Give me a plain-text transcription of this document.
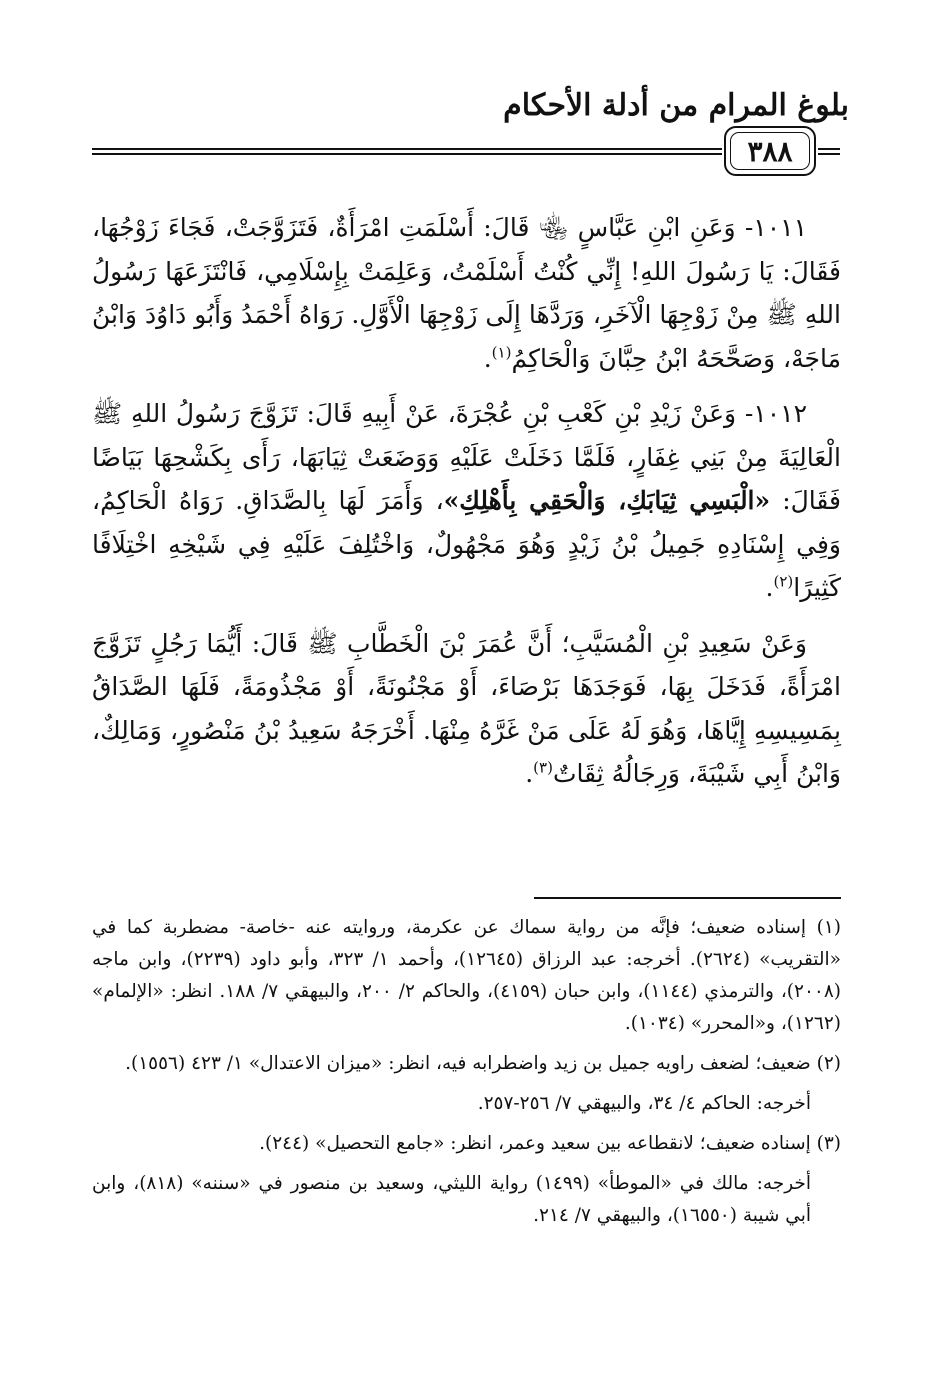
بلوغ المرام من أدلة الأحكام
٣٨٨

١٠١١- وَعَنِ ابْنِ عَبَّاسٍ ﵄ قَالَ: أَسْلَمَتِ امْرَأَةٌ، فَتَزَوَّجَتْ، فَجَاءَ زَوْجُهَا، فَقَالَ: يَا رَسُولَ اللهِ! إِنِّي كُنْتُ أَسْلَمْتُ، وَعَلِمَتْ بِإِسْلَامِي، فَانْتَزَعَهَا رَسُولُ اللهِ ﷺ مِنْ زَوْجِهَا الْآخَرِ، وَرَدَّهَا إِلَى زَوْجِهَا الْأَوَّلِ. رَوَاهُ أَحْمَدُ وَأَبُو دَاوُدَ وَابْنُ مَاجَهْ، وَصَحَّحَهُ ابْنُ حِبَّانَ وَالْحَاكِمُ$^{(١)}$.

١٠١٢- وَعَنْ زَيْدِ بْنِ كَعْبِ بْنِ عُجْرَةَ، عَنْ أَبِيهِ قَالَ: تَزَوَّجَ رَسُولُ اللهِ ﷺ الْعَالِيَةَ مِنْ بَنِي غِفَارٍ، فَلَمَّا دَخَلَتْ عَلَيْهِ وَوَضَعَتْ ثِيَابَهَا، رَأَى بِكَشْحِهَا بَيَاضًا فَقَالَ: «الْبَسِي ثِيَابَكِ، وَالْحَقِي بِأَهْلِكِ»، وَأَمَرَ لَهَا بِالصَّدَاقِ. رَوَاهُ الْحَاكِمُ، وَفِي إِسْنَادِهِ جَمِيلُ بْنُ زَيْدٍ وَهُوَ مَجْهُولٌ، وَاخْتُلِفَ عَلَيْهِ فِي شَيْخِهِ اخْتِلَافًا كَثِيرًا$^{(٢)}$.

وَعَنْ سَعِيدِ بْنِ الْمُسَيَّبِ؛ أَنَّ عُمَرَ بْنَ الْخَطَّابِ ﷺ قَالَ: أَيُّمَا رَجُلٍ تَزَوَّجَ امْرَأَةً، فَدَخَلَ بِهَا، فَوَجَدَهَا بَرْصَاءَ، أَوْ مَجْنُونَةً، أَوْ مَجْذُومَةً، فَلَهَا الصَّدَاقُ بِمَسِيسِهِ إِيَّاهَا، وَهُوَ لَهُ عَلَى مَنْ غَرَّهُ مِنْهَا. أَخْرَجَهُ سَعِيدُ بْنُ مَنْصُورٍ، وَمَالِكٌ، وَابْنُ أَبِي شَيْبَةَ، وَرِجَالُهُ ثِقَاتٌ$^{(٣)}$.

(١) إسناده ضعيف؛ فإنَّه من رواية سماك عن عكرمة، وروايته عنه -خاصة- مضطربة كما في «التقريب» (٢٦٢٤). أخرجه: عبد الرزاق (١٢٦٤٥)، وأحمد ١/ ٣٢٣، وأبو داود (٢٢٣٩)، وابن ماجه (٢٠٠٨)، والترمذي (١١٤٤)، وابن حبان (٤١٥٩)، والحاكم ٢/ ٢٠٠، والبيهقي ٧/ ١٨٨. انظر: «الإلمام» (١٢٦٢)، و«المحرر» (١٠٣٤).
(٢) ضعيف؛ لضعف راويه جميل بن زيد واضطرابه فيه، انظر: «ميزان الاعتدال» ١/ ٤٢٣ (١٥٥٦).
أخرجه: الحاكم ٤/ ٣٤، والبيهقي ٧/ ٢٥٦-٢٥٧.
(٣) إسناده ضعيف؛ لانقطاعه بين سعيد وعمر، انظر: «جامع التحصيل» (٢٤٤).
أخرجه: مالك في «الموطأ» (١٤٩٩) رواية الليثي، وسعيد بن منصور في «سننه» (٨١٨)، وابن أبي شيبة (١٦٥٥٠)، والبيهقي ٧/ ٢١٤.
